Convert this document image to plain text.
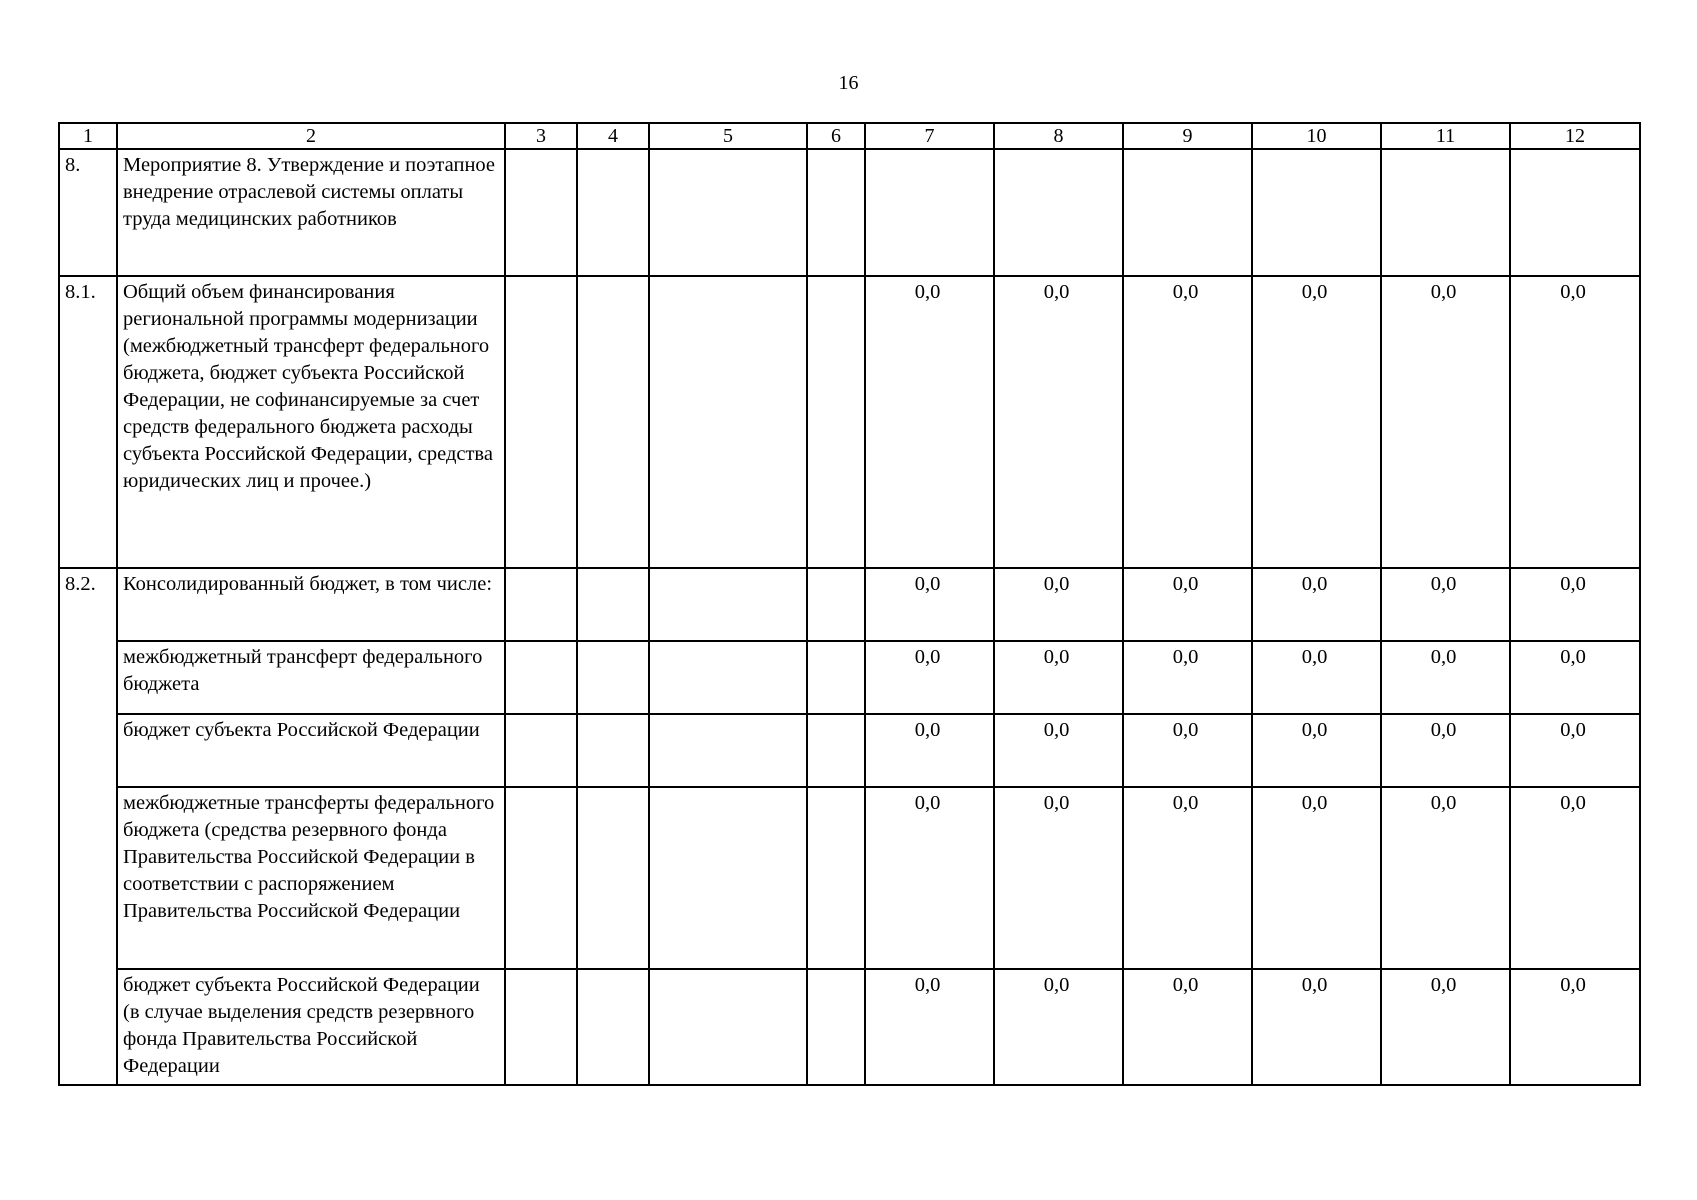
16
1	2	3	4	5	6	7	8	9	10	11	12
8.	Мероприятие 8. Утверждение и поэтапное внедрение отраслевой системы оплаты труда медицинских работников										
8.1.	Общий объем финансирования региональной программы модернизации (межбюджетный трансферт федерального бюджета, бюджет субъекта Российской Федерации, не софинансируемые за счет средств федерального бюджета расходы субъекта Российской Федерации, средства юридических лиц и прочее.)					0,0	0,0	0,0	0,0	0,0	0,0
8.2.	Консолидированный бюджет, в том числе:					0,0	0,0	0,0	0,0	0,0	0,0
	межбюджетный трансферт федерального бюджета					0,0	0,0	0,0	0,0	0,0	0,0
	бюджет субъекта Российской Федерации					0,0	0,0	0,0	0,0	0,0	0,0
	межбюджетные трансферты федерального бюджета (средства резервного фонда Правительства Российской Федерации в соответствии с распоряжением Правительства Российской Федерации					0,0	0,0	0,0	0,0	0,0	0,0
	бюджет субъекта Российской Федерации (в случае выделения средств резервного фонда Правительства Российской Федерации					0,0	0,0	0,0	0,0	0,0	0,0
